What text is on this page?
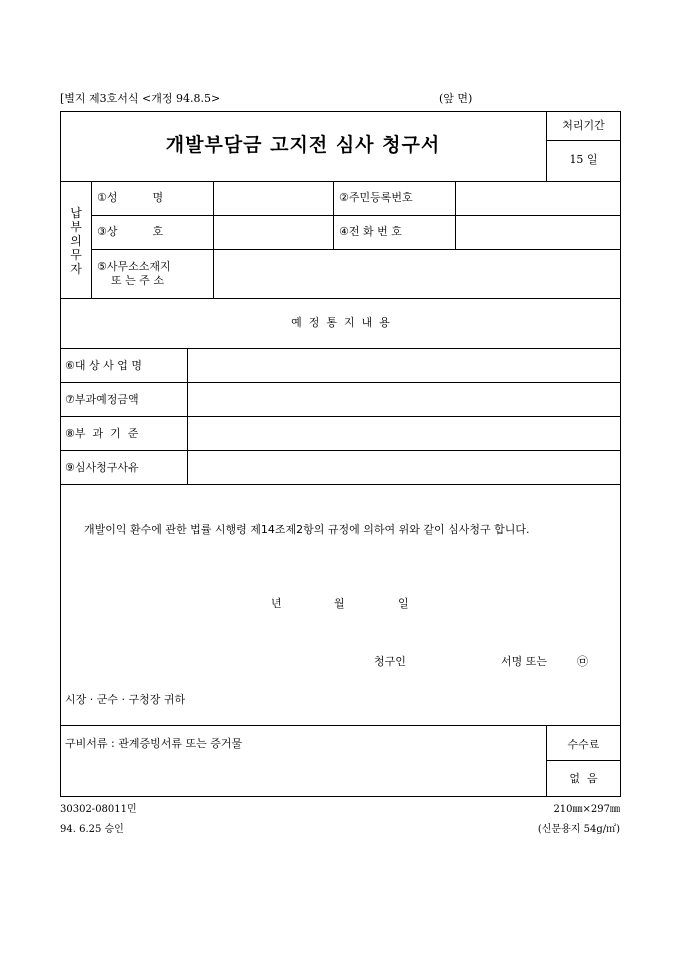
[별지 제3호서식 <개정 94.8.5>	(앞 면)
개발부담금 고지전 심사 청구서
처리기간
15 일
납
부
의
무
자
①성          명	②주민등록번호
③상          호	④전 화 번 호
⑤사무소소재지
또 는 주 소
예  정  통  지  내  용
⑥대 상 사 업 명
⑦부과예정금액
⑧부  과  기  준
⑨심사청구사유
개발이익 환수에 관한 법률 시행령 제14조제2항의 규정에 의하여 위와 같이 심사청구 합니다.
년	월	일
청구인	서명 또는	㉤
시장 · 군수 · 구청장 귀하
구비서류 : 관계증빙서류 또는 증거물	수수료
없  음
30302-08011민
94. 6.25 승인
210㎜×297㎜
(신문용지 54g/㎡)
